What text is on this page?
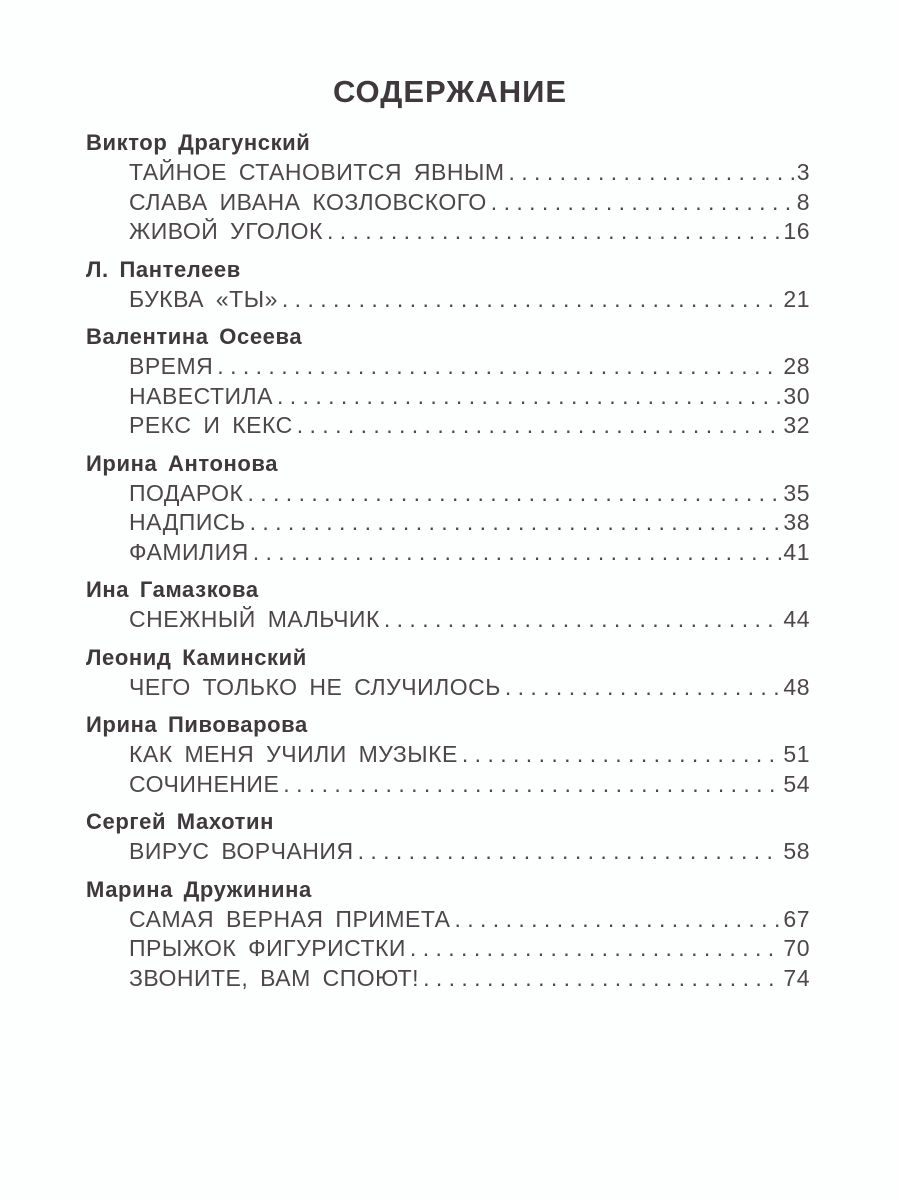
СОДЕРЖАНИЕ
Виктор Драгунский
ТАЙНОЕ СТАНОВИТСЯ ЯВНЫМ . . .	3
СЛАВА ИВАНА КОЗЛОВСКОГО . . .	8
ЖИВОЙ УГОЛОК . . .	16
Л. Пантелеев
БУКВА «ТЫ» . . .	21
Валентина Осеева
ВРЕМЯ . . .	28
НАВЕСТИЛА . . .	30
РЕКС И КЕКС . . .	32
Ирина Антонова
ПОДАРОК . . .	35
НАДПИСЬ . . .	38
ФАМИЛИЯ . . .	41
Ина Гамазкова
СНЕЖНЫЙ МАЛЬЧИК . . .	44
Леонид Каминский
ЧЕГО ТОЛЬКО НЕ СЛУЧИЛОСЬ . . .	48
Ирина Пивоварова
КАК МЕНЯ УЧИЛИ МУЗЫКЕ . . .	51
СОЧИНЕНИЕ . . .	54
Сергей Махотин
ВИРУС ВОРЧАНИЯ . . .	58
Марина Дружинина
САМАЯ ВЕРНАЯ ПРИМЕТА . . .	67
ПРЫЖОК ФИГУРИСТКИ . . .	70
ЗВОНИТЕ, ВАМ СПОЮТ! . . .	74
